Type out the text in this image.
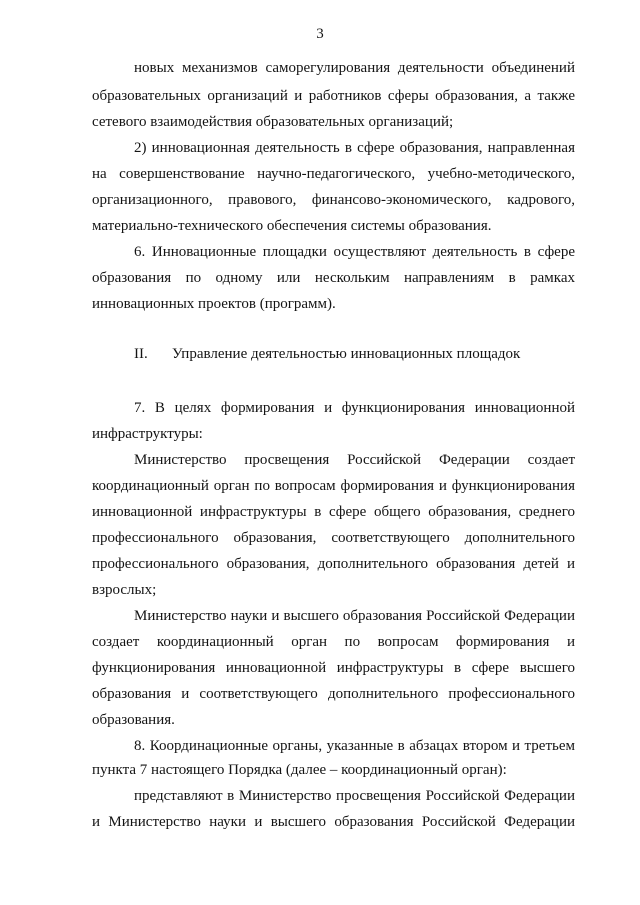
3
новых механизмов саморегулирования деятельности объединений
образовательных организаций и работников сферы образования, а также
сетевого взаимодействия образовательных организаций;
2) инновационная деятельность в сфере образования, направленная
на совершенствование научно-педагогического, учебно-методического,
организационного, правового, финансово-экономического, кадрового,
материально-технического обеспечения системы образования.
6. Инновационные площадки осуществляют деятельность в сфере
образования по одному или нескольким направлениям в рамках
инновационных проектов (программ).
II. Управление деятельностью инновационных площадок
7. В целях формирования и функционирования инновационной
инфраструктуры:
Министерство просвещения Российской Федерации создает
координационный орган по вопросам формирования и функционирования
инновационной инфраструктуры в сфере общего образования, среднего
профессионального образования, соответствующего дополнительного
профессионального образования, дополнительного образования детей и
взрослых;
Министерство науки и высшего образования Российской Федерации
создает координационный орган по вопросам формирования и
функционирования инновационной инфраструктуры в сфере высшего
образования и соответствующего дополнительного профессионального
образования.
8. Координационные органы, указанные в абзацах втором и третьем
пункта 7 настоящего Порядка (далее – координационный орган):
представляют в Министерство просвещения Российской Федерации
и Министерство науки и высшего образования Российской Федерации
